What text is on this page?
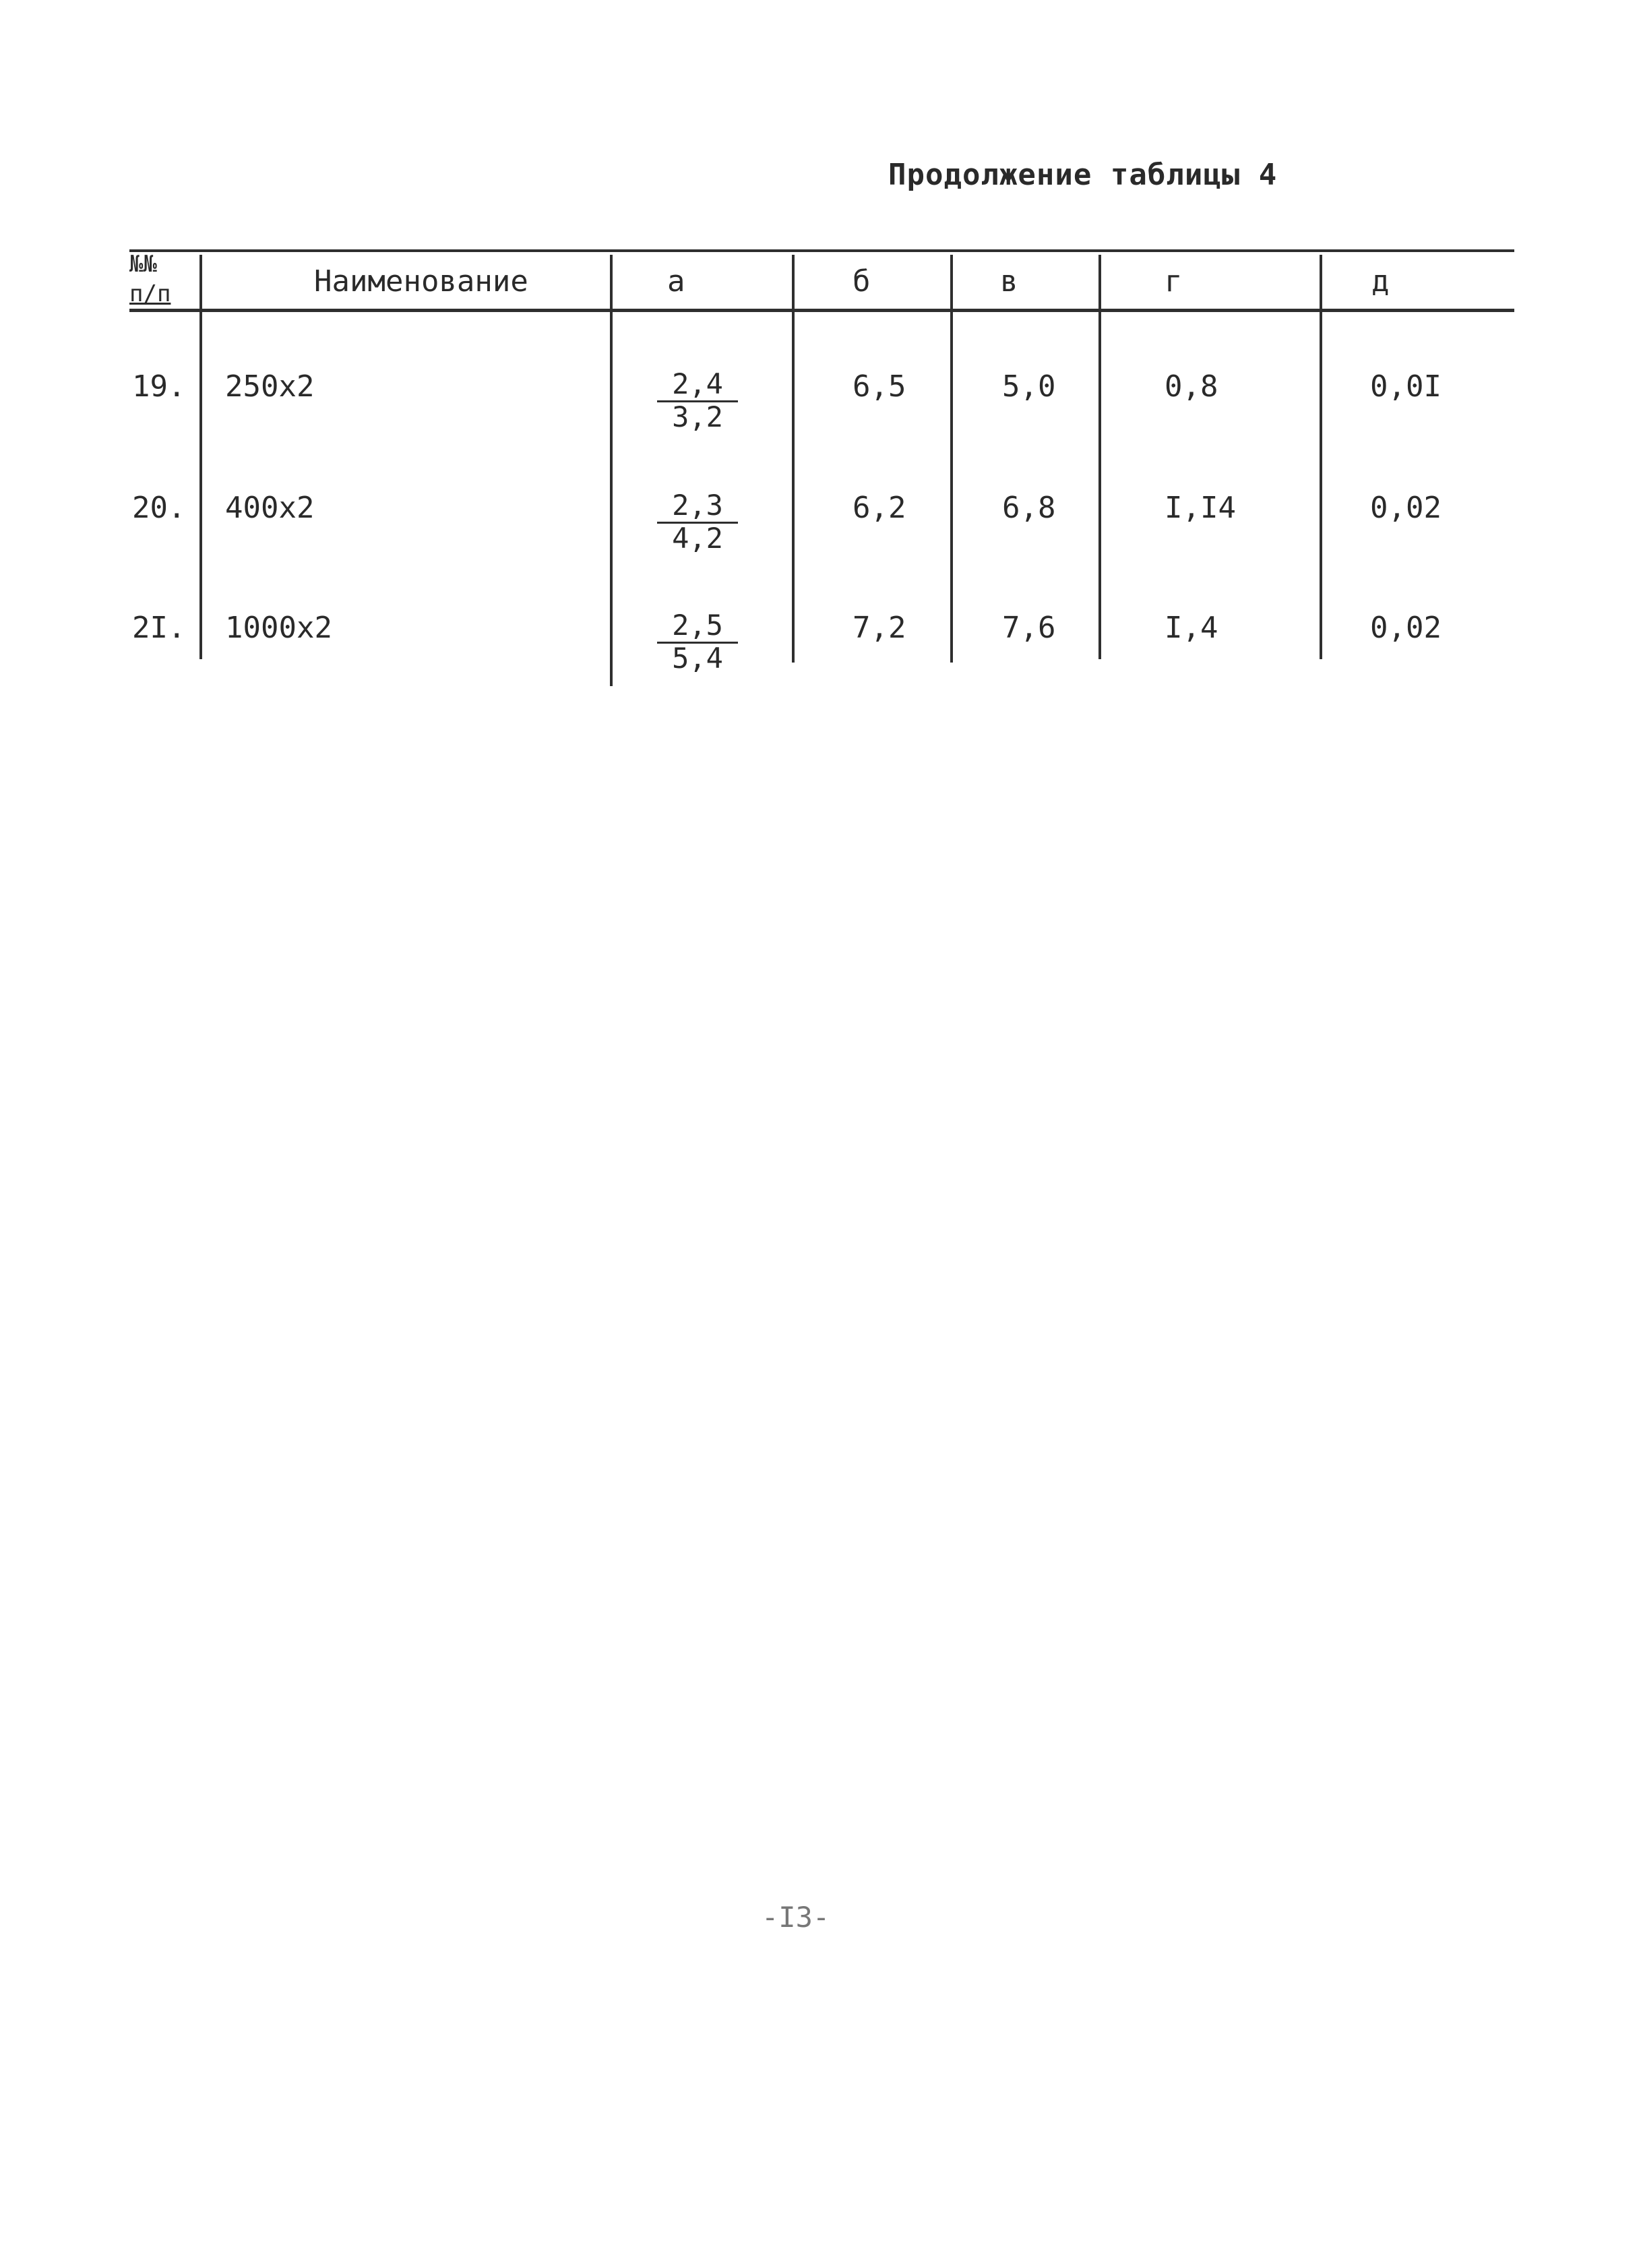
Продолжение таблицы 4
№№
п/п	Наименование	а	б	в	г	д
19. 250x2	$\frac{2,4}{3,2}$	6,5	5,0	0,8	0,0I
20. 400x2	$\frac{2,3}{4,2}$	6,2	6,8	I,I4	0,02
2I. 1000x2	$\frac{2,5}{5,4}$	7,2	7,6	I,4	0,02
-I3-
